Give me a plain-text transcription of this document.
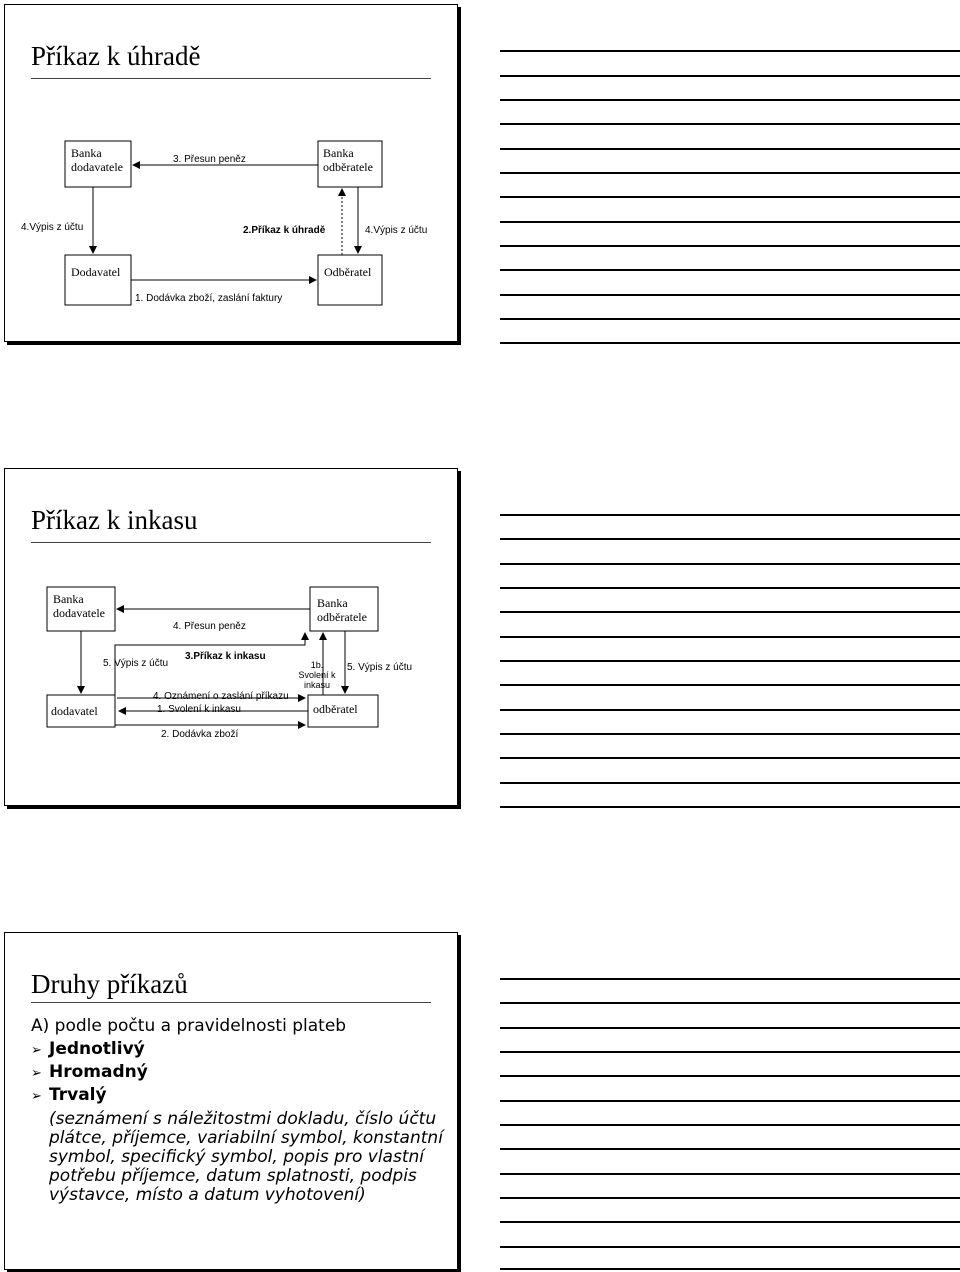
Příkaz k úhradě
Banka dodavatele
Banka odběratele
Dodavatel	Odběratel
3. Přesun peněz
4.Výpis z účtu	2.Příkaz k úhradě	4.Výpis z účtu
1. Dodávka zboží, zaslání faktury
Příkaz k inkasu
Banka dodavatele
Banka odběratele
dodavatel	odběratel
4. Přesun peněz
5. Výpis z účtu
3.Příkaz k inkasu
1b. Svolení k inkasu
5. Výpis z účtu
4. Oznámení o zaslání příkazu
1. Svolení k inkasu
2. Dodávka zboží
Druhy příkazů
A) podle počtu a pravidelnosti plateb
➢ Jednotlivý
➢ Hromadný
➢ Trvalý
(seznámení s náležitostmi dokladu, číslo účtu plátce, příjemce, variabilní symbol, konstantní symbol, specifický symbol, popis pro vlastní potřebu příjemce, datum splatnosti, podpis výstavce, místo a datum vyhotovení)
